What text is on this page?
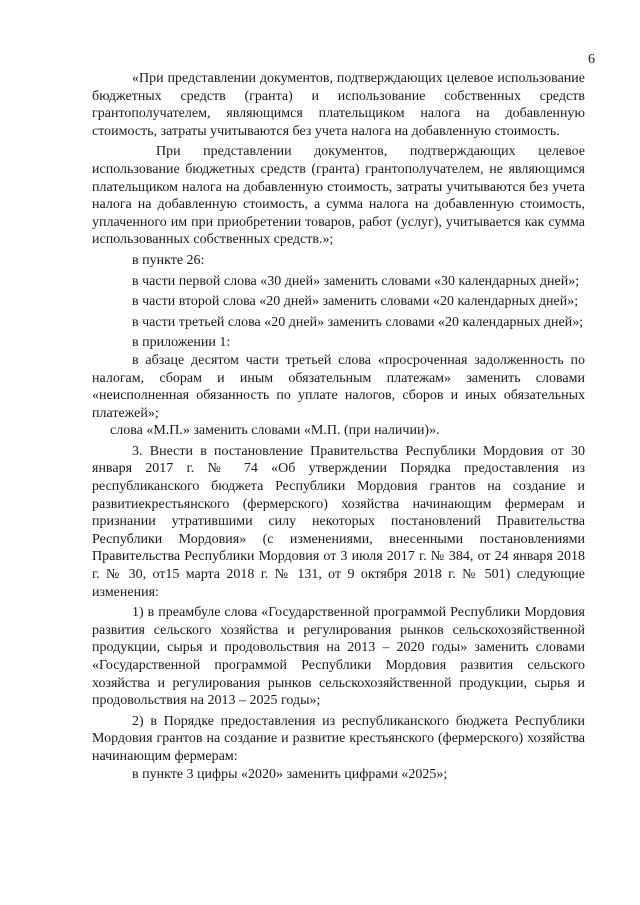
6

«При представлении документов, подтверждающих целевое использование бюджетных средств (гранта) и использование собственных средств грантополучателем, являющимся плательщиком налога на добавленную стоимость, затраты учитываются без учета налога на добавленную стоимость.

При представлении документов, подтверждающих целевое использование бюджетных средств (гранта) грантополучателем, не являющимся плательщиком налога на добавленную стоимость, затраты учитываются без учета налога на добавленную стоимость, а сумма налога на добавленную стоимость, уплаченного им при приобретении товаров, работ (услуг), учитывается как сумма использованных собственных средств.»;

в пункте 26:

в части первой слова «30 дней» заменить словами «30 календарных дней»;

в части второй слова «20 дней» заменить словами «20 календарных дней»;

в части третьей слова «20 дней» заменить словами «20 календарных дней»;

в приложении 1:

в абзаце десятом части третьей слова «просроченная задолженность по налогам, сборам и иным обязательным платежам» заменить словами «неисполненная обязанность по уплате налогов, сборов и иных обязательных платежей»;

слова «М.П.» заменить словами «М.П. (при наличии)».

3. Внести в постановление Правительства Республики Мордовия от 30 января 2017 г. № 74 «Об утверждении Порядка предоставления из республиканского бюджета Республики Мордовия грантов на создание и развитиекрестьянского (фермерского) хозяйства начинающим фермерам и признании утратившими силу некоторых постановлений Правительства Республики Мордовия» (с изменениями, внесенными постановлениями Правительства Республики Мордовия от 3 июля 2017 г. № 384, от 24 января 2018 г. № 30, от15 марта 2018 г. № 131, от 9 октября 2018 г. № 501) следующие изменения:

1) в преамбуле слова «Государственной программой Республики Мордовия развития сельского хозяйства и регулирования рынков сельскохозяйственной продукции, сырья и продовольствия на 2013 – 2020 годы» заменить словами «Государственной программой Республики Мордовия развития сельского хозяйства и регулирования рынков сельскохозяйственной продукции, сырья и продовольствия на 2013 – 2025 годы»;

2) в Порядке предоставления из республиканского бюджета Республики Мордовия грантов на создание и развитие крестьянского (фермерского) хозяйства начинающим фермерам:

в пункте 3 цифры «2020» заменить цифрами «2025»;
